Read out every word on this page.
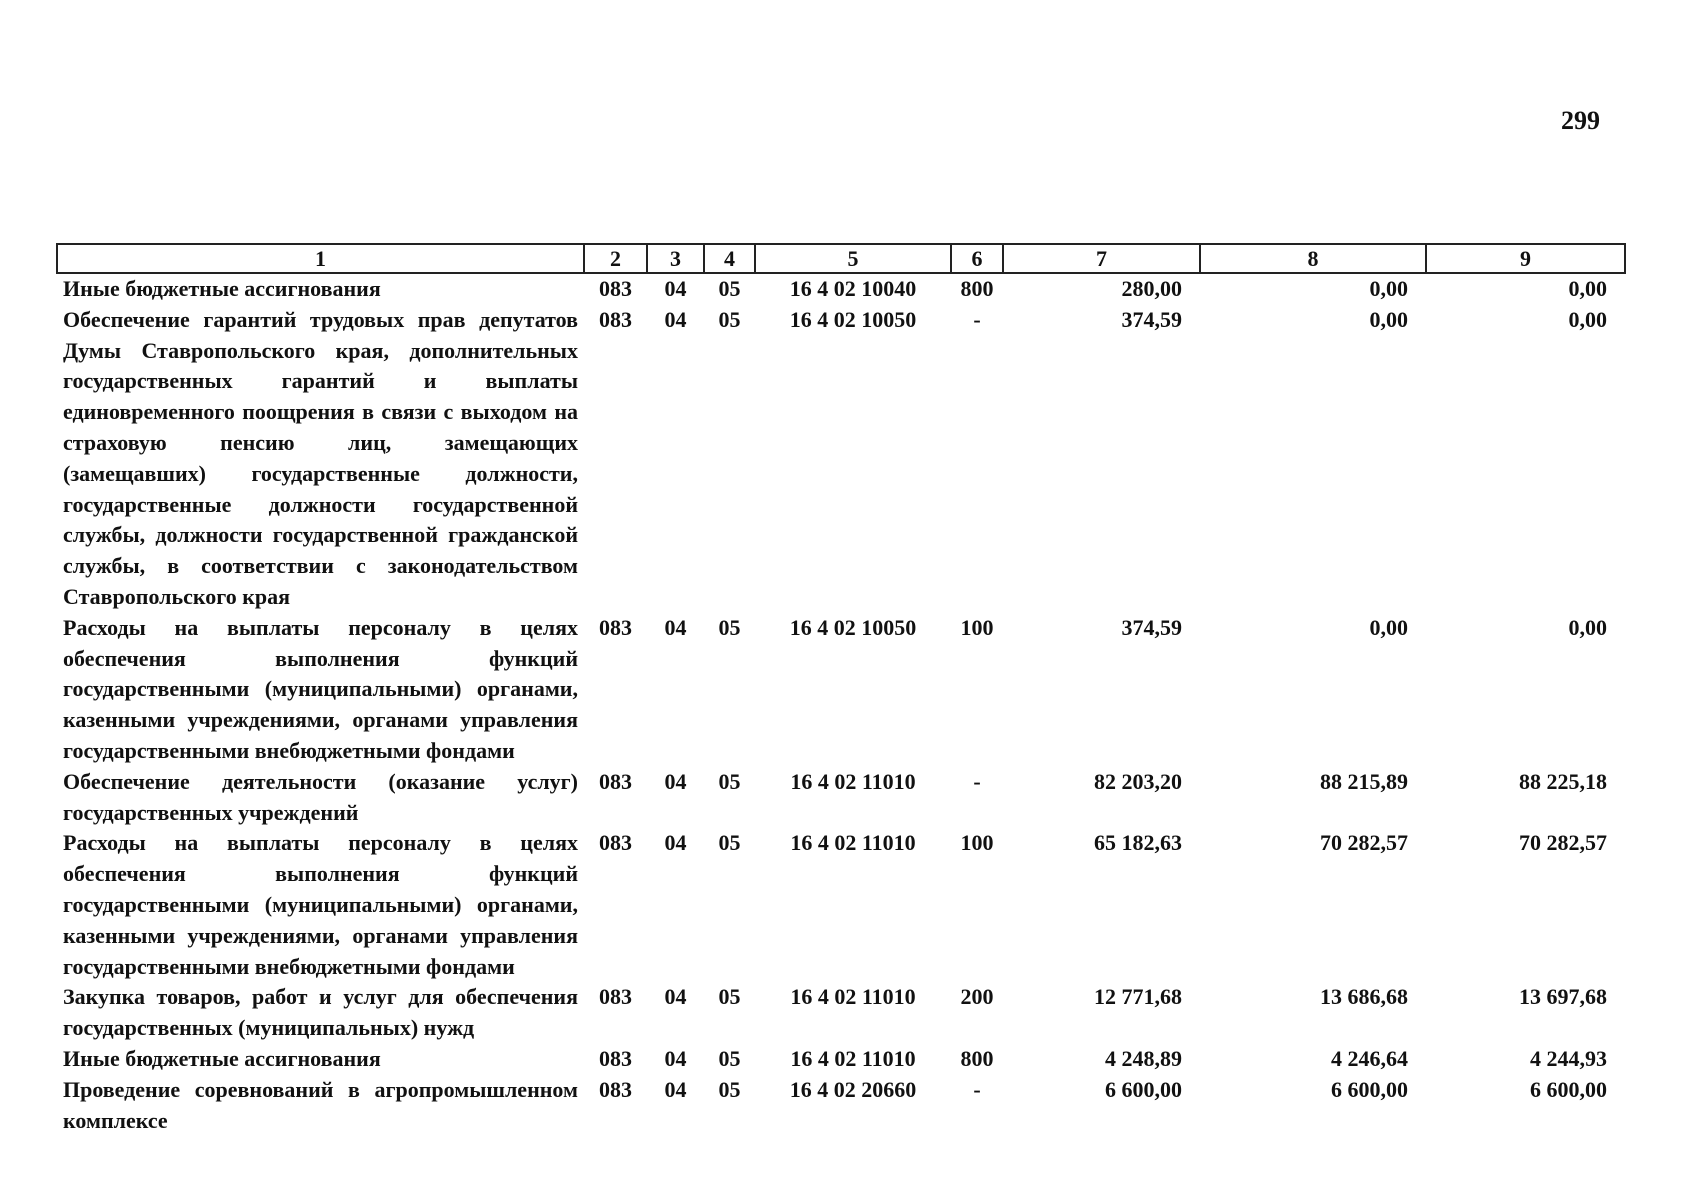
299
1	2	3	4	5	6	7	8	9
Иные бюджетные ассигнования	083	04	05	16 4 02 10040	800	280,00	0,00	0,00
Обеспечение гарантий трудовых прав депутатов Думы Ставропольского края, дополнительных государственных гарантий и выплаты единовременного поощрения в связи с выходом на страховую пенсию лиц, замещающих (замещавших) государственные должности, государственные должности государственной службы, должности государственной гражданской службы, в соответствии с законодательством Ставропольского края	083	04	05	16 4 02 10050	-	374,59	0,00	0,00
Расходы на выплаты персоналу в целях обеспечения выполнения функций государственными (муниципальными) органами, казенными учреждениями, органами управления государственными внебюджетными фондами	083	04	05	16 4 02 10050	100	374,59	0,00	0,00
Обеспечение деятельности (оказание услуг) государственных учреждений	083	04	05	16 4 02 11010	-	82 203,20	88 215,89	88 225,18
Расходы на выплаты персоналу в целях обеспечения выполнения функций государственными (муниципальными) органами, казенными учреждениями, органами управления государственными внебюджетными фондами	083	04	05	16 4 02 11010	100	65 182,63	70 282,57	70 282,57
Закупка товаров, работ и услуг для обеспечения государственных (муниципальных) нужд	083	04	05	16 4 02 11010	200	12 771,68	13 686,68	13 697,68
Иные бюджетные ассигнования	083	04	05	16 4 02 11010	800	4 248,89	4 246,64	4 244,93
Проведение соревнований в агропромышленном комплексе	083	04	05	16 4 02 20660	-	6 600,00	6 600,00	6 600,00
